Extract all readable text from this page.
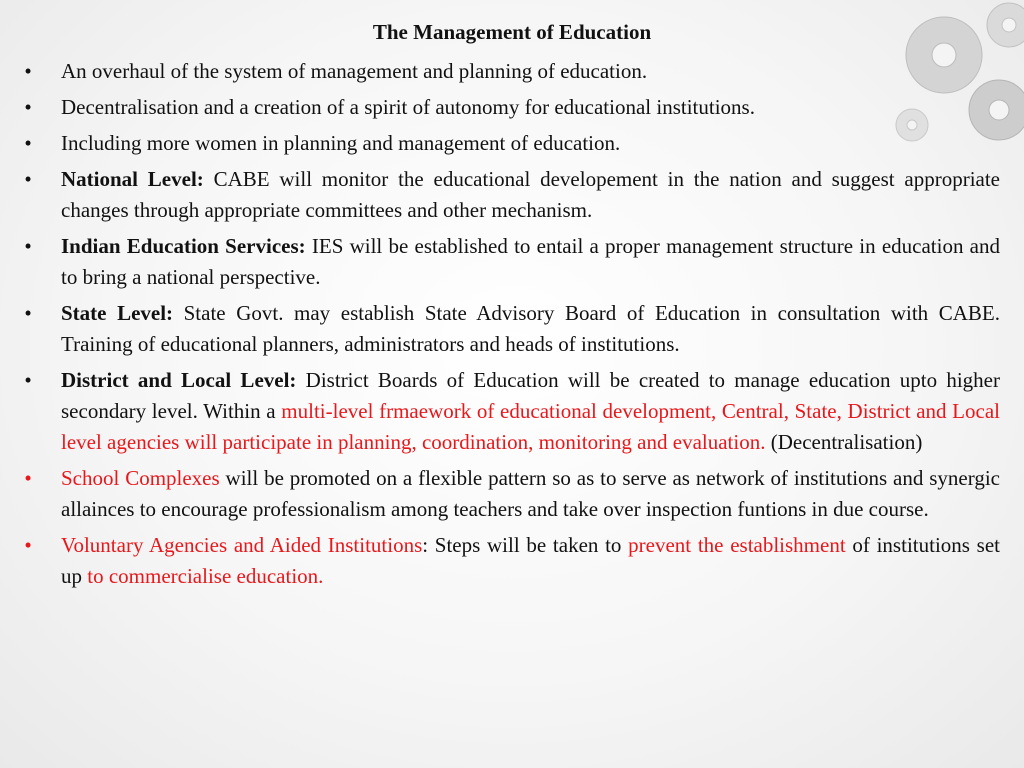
The Management of Education
• An overhaul of the system of management and planning of education.
• Decentralisation and a creation of a spirit of autonomy for educational institutions.
• Including more women in planning and management of education.
• National Level: CABE will monitor the educational developement in the nation and suggest appropriate changes through appropriate committees and other mechanism.
• Indian Education Services: IES will be established to entail a proper management structure in education and to bring a national perspective.
• State Level: State Govt. may establish State Advisory Board of Education in consultation with CABE. Training of educational planners, administrators and heads of institutions.
• District and Local Level: District Boards of Education will be created to manage education upto higher secondary level. Within a multi-level frmaework of educational development, Central, State, District and Local level agencies will participate in planning, coordination, monitoring and evaluation. (Decentralisation)
• School Complexes will be promoted on a flexible pattern so as to serve as network of institutions and synergic allainces to encourage professionalism among teachers and take over inspection funtions in due course.
• Voluntary Agencies and Aided Institutions: Steps will be taken to prevent the establishment of institutions set up to commercialise education.
